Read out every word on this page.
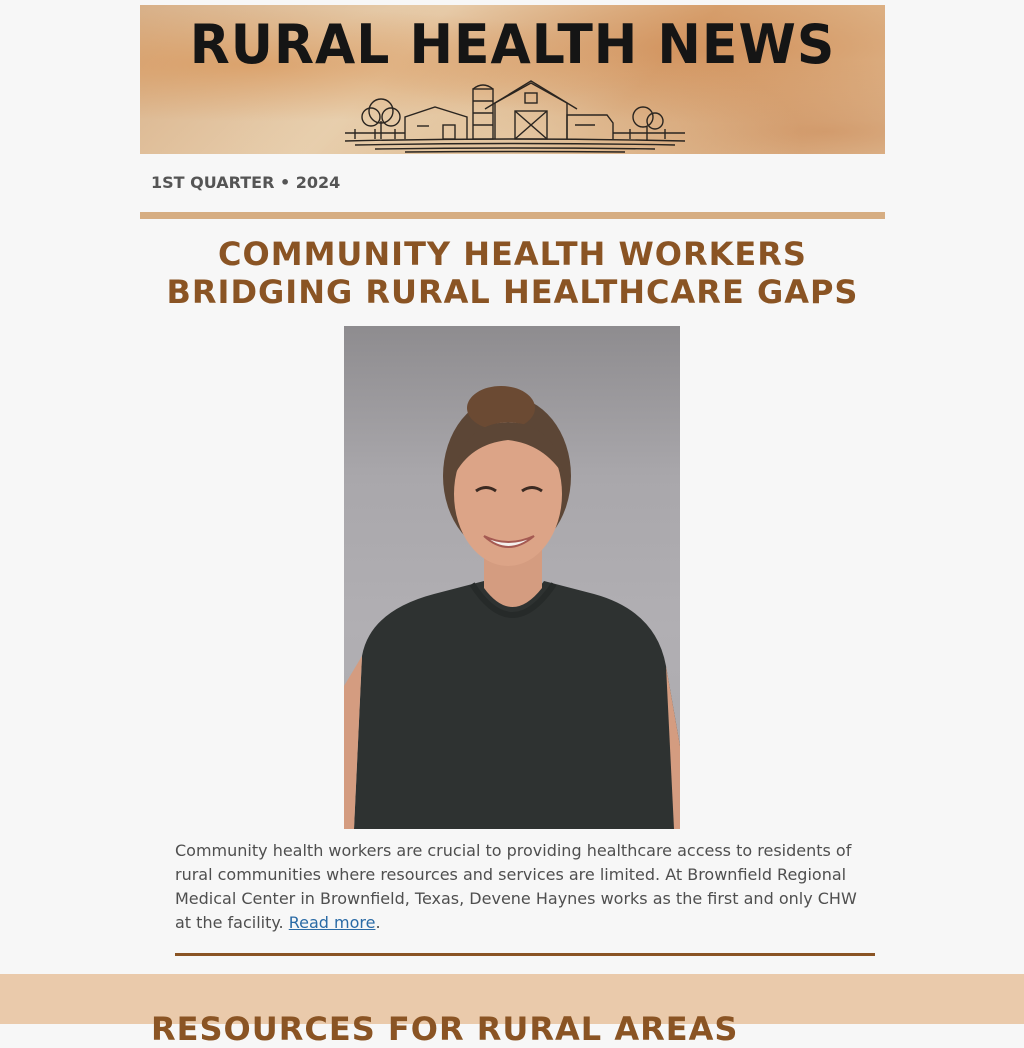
RURAL HEALTH NEWS
1ST QUARTER • 2024
COMMUNITY HEALTH WORKERS BRIDGING RURAL HEALTHCARE GAPS
Community health workers are crucial to providing healthcare access to residents of rural communities where resources and services are limited. At Brownfield Regional Medical Center in Brownfield, Texas, Devene Haynes works as the first and only CHW at the facility. Read more.
RESOURCES FOR RURAL AREAS
